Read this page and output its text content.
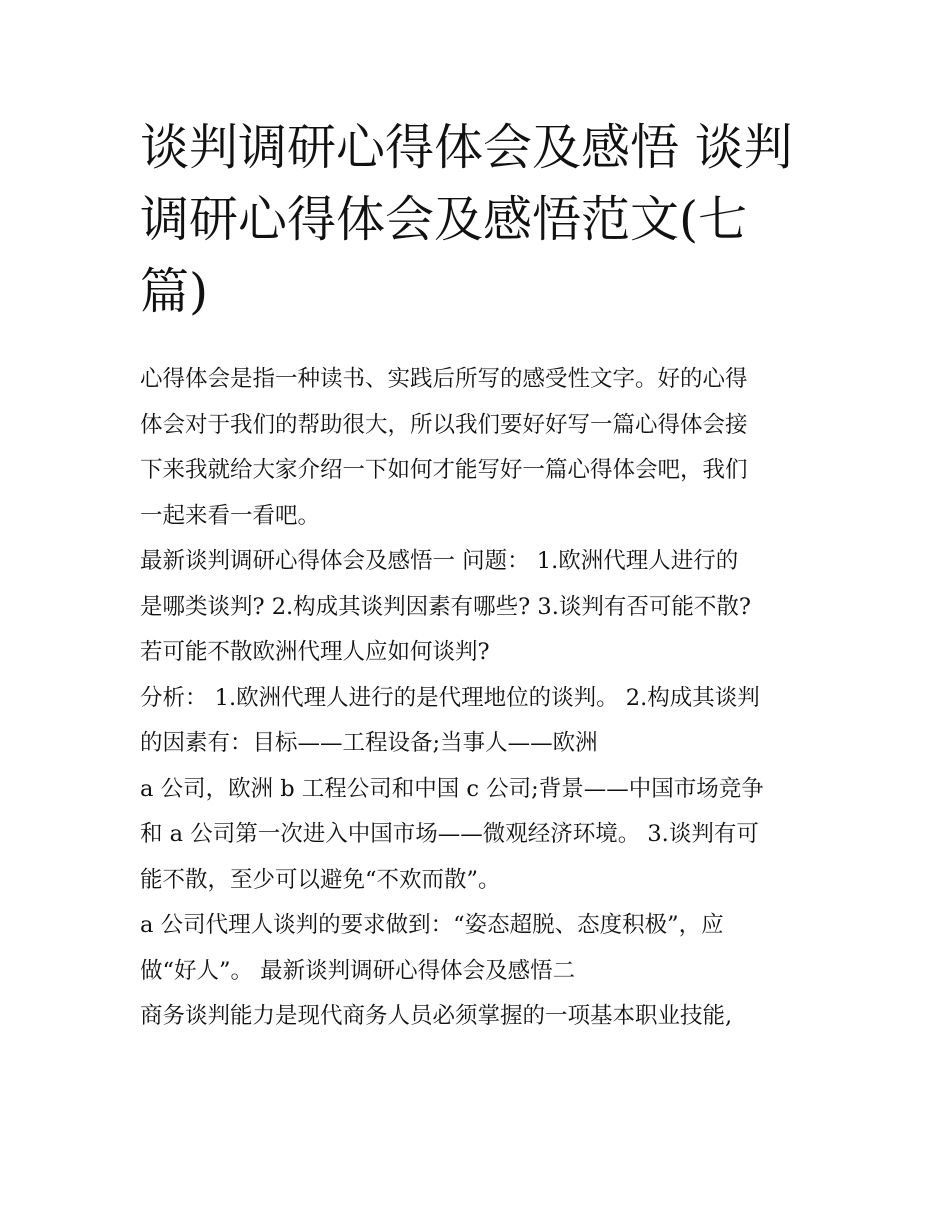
谈判调研心得体会及感悟 谈判
调研心得体会及感悟范文(七
篇)
心得体会是指一种读书、实践后所写的感受性文字。好的心得
体会对于我们的帮助很大，所以我们要好好写一篇心得体会接
下来我就给大家介绍一下如何才能写好一篇心得体会吧，我们
一起来看一看吧。
最新谈判调研心得体会及感悟一 问题： 1.欧洲代理人进行的
是哪类谈判? 2.构成其谈判因素有哪些? 3.谈判有否可能不散?
若可能不散欧洲代理人应如何谈判?
分析： 1.欧洲代理人进行的是代理地位的谈判。 2.构成其谈判
的因素有：目标——工程设备;当事人——欧洲
a 公司，欧洲 b 工程公司和中国 c 公司;背景——中国市场竞争
和 a 公司第一次进入中国市场——微观经济环境。 3.谈判有可
能不散，至少可以避免“不欢而散”。
a 公司代理人谈判的要求做到：“姿态超脱、态度积极”，应
做“好人”。 最新谈判调研心得体会及感悟二
商务谈判能力是现代商务人员必须掌握的一项基本职业技能,
